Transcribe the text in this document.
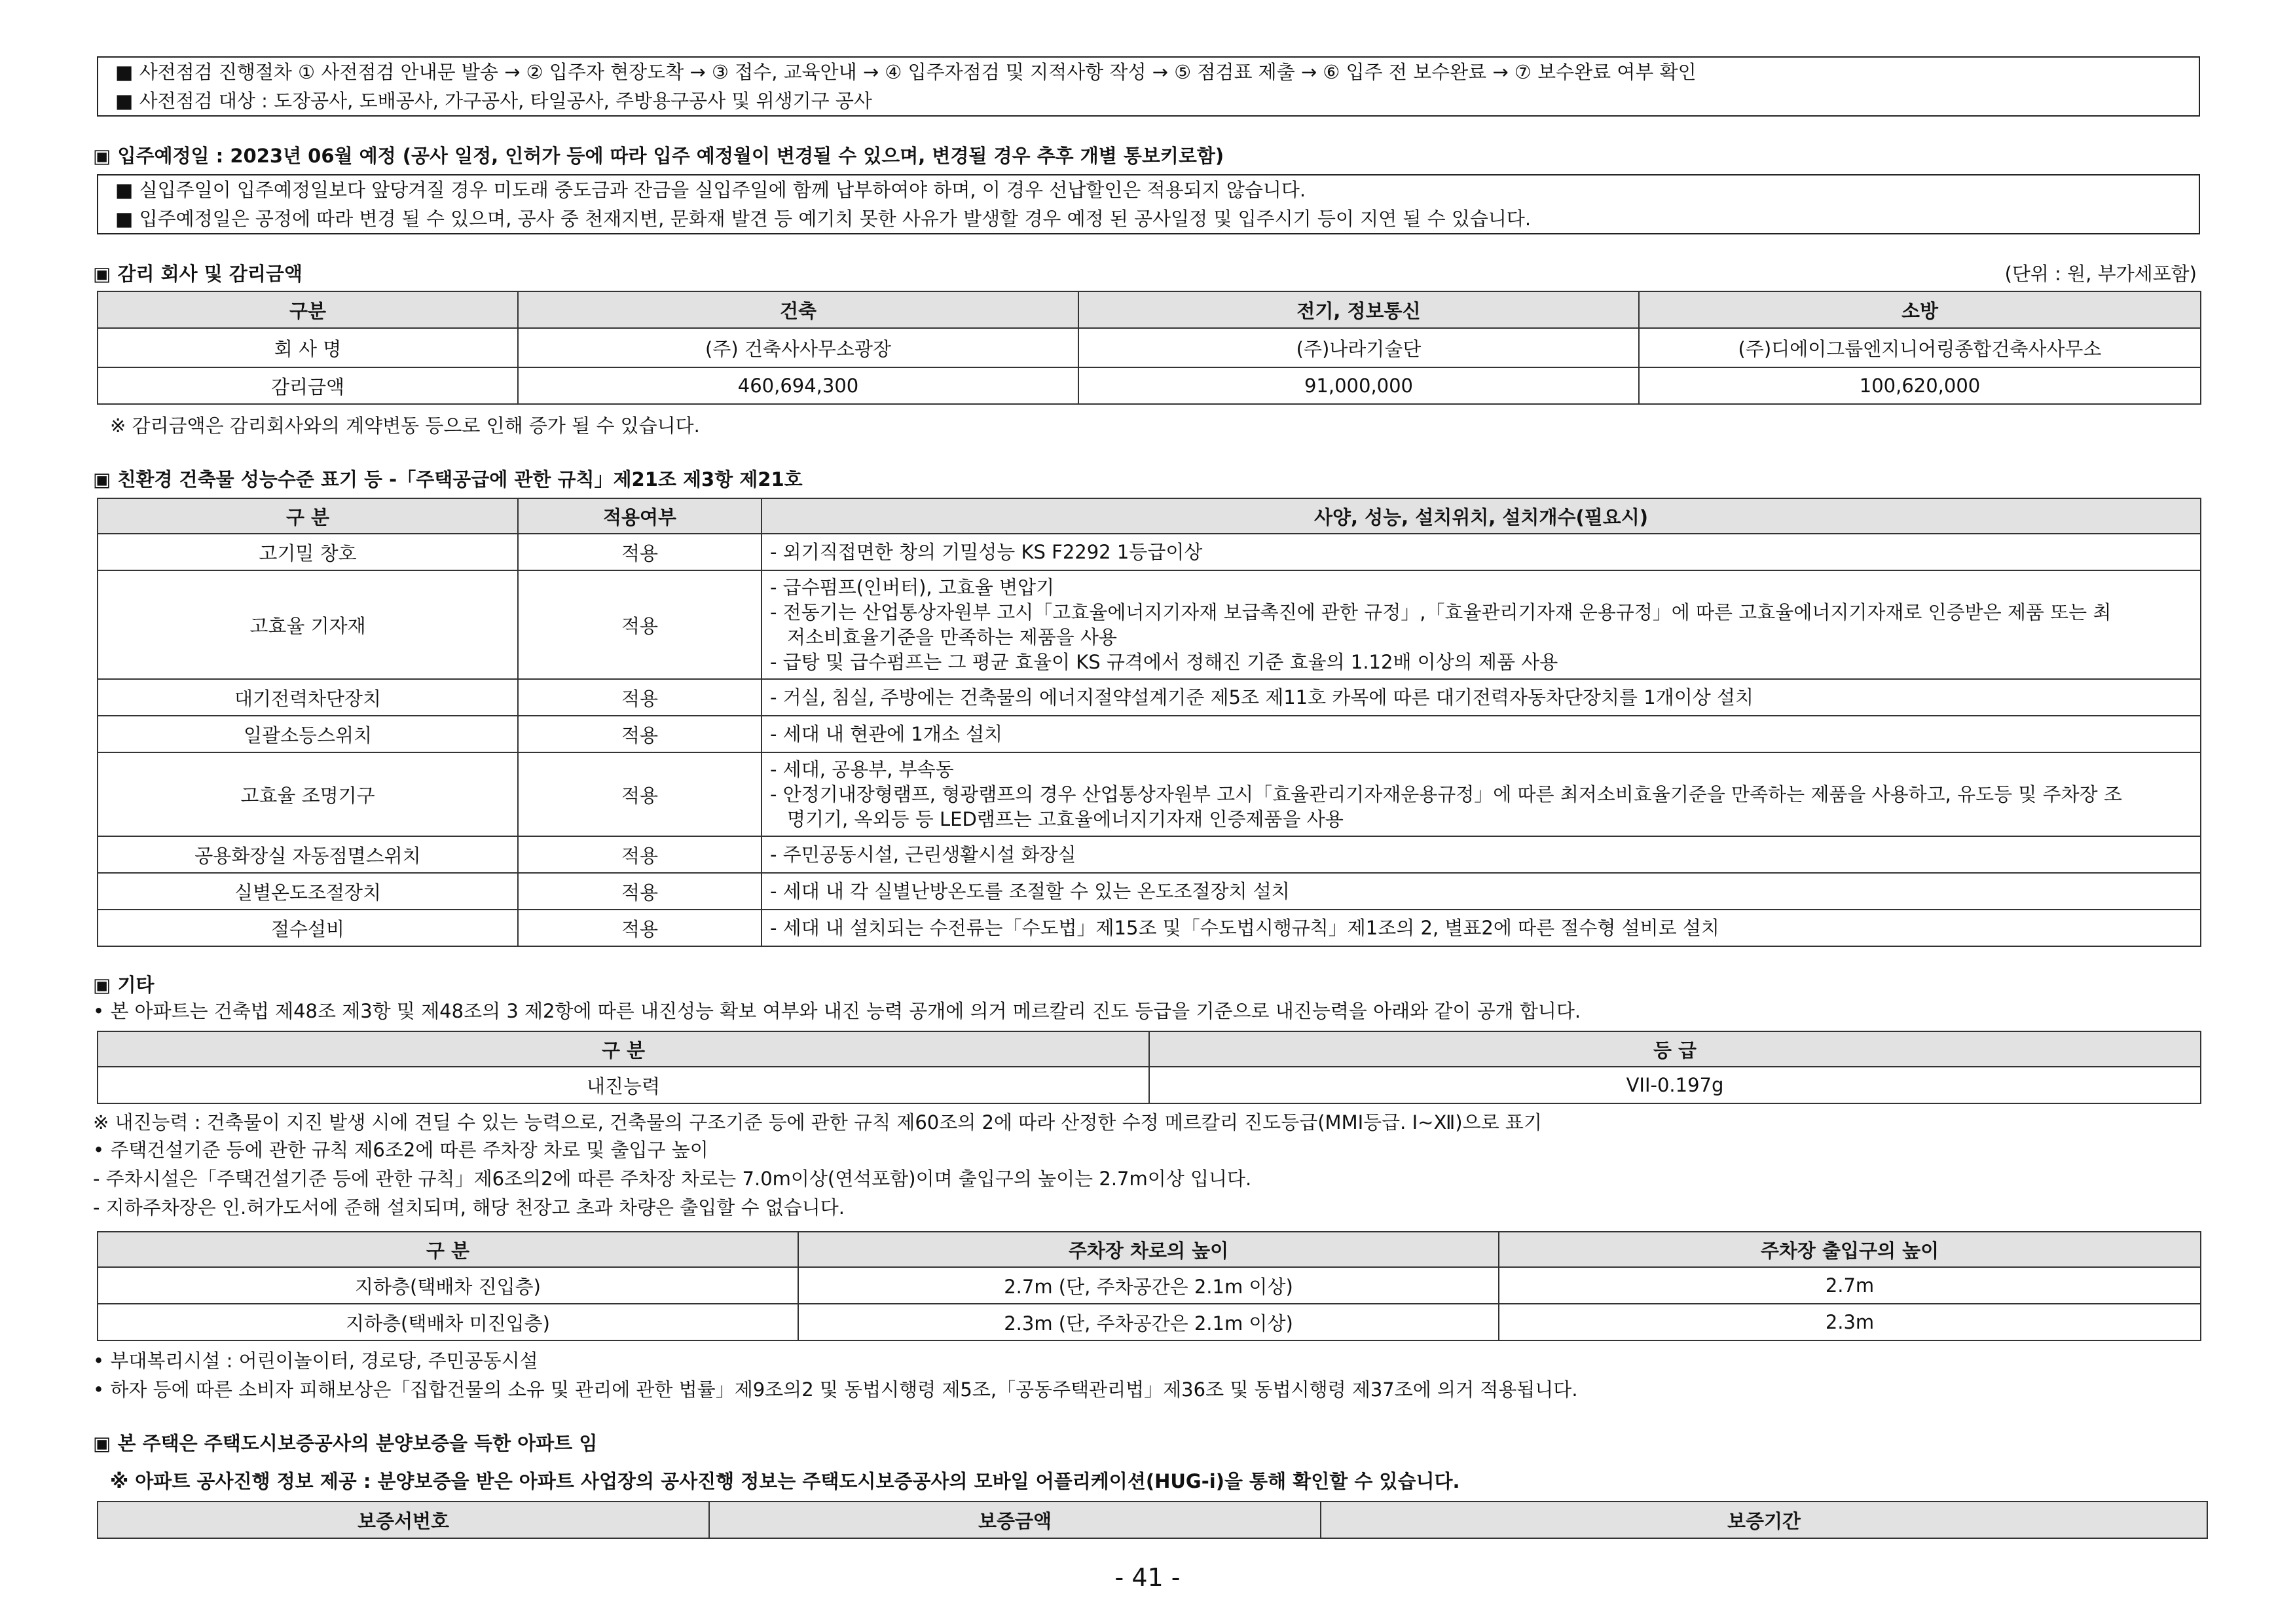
■ 사전점검 진행절차 ① 사전점검 안내문 발송 → ② 입주자 현장도착 → ③ 접수, 교육안내 → ④ 입주자점검 및 지적사항 작성 → ⑤ 점검표 제출 → ⑥ 입주 전 보수완료 → ⑦ 보수완료 여부 확인
■ 사전점검 대상 : 도장공사, 도배공사, 가구공사, 타일공사, 주방용구공사 및 위생기구 공사
▣ 입주예정일 : 2023년 06월 예정 (공사 일정, 인허가 등에 따라 입주 예정월이 변경될 수 있으며, 변경될 경우 추후 개별 통보키로함)
■ 실입주일이 입주예정일보다 앞당겨질 경우 미도래 중도금과 잔금을 실입주일에 함께 납부하여야 하며, 이 경우 선납할인은 적용되지 않습니다.
■ 입주예정일은 공정에 따라 변경 될 수 있으며, 공사 중 천재지변, 문화재 발견 등 예기치 못한 사유가 발생할 경우 예정 된 공사일정 및 입주시기 등이 지연 될 수 있습니다.
▣ 감리 회사 및 감리금액	(단위 : 원, 부가세포함)
구분	건축	전기, 정보통신	소방
회 사 명	(주) 건축사사무소광장	(주)나라기술단	(주)디에이그룹엔지니어링종합건축사사무소
감리금액	460,694,300	91,000,000	100,620,000
※ 감리금액은 감리회사와의 계약변동 등으로 인해 증가 될 수 있습니다.
▣ 친환경 건축물 성능수준 표기 등 -「주택공급에 관한 규칙」제21조 제3항 제21호
구 분	적용여부	사양, 성능, 설치위치, 설치개수(필요시)
고기밀 창호	적용	- 외기직접면한 창의 기밀성능 KS F2292 1등급이상

고효율 기자재	적용	- 급수펌프(인버터), 고효율 변압기
- 전동기는 산업통상자원부 고시「고효율에너지기자재 보급촉진에 관한 규정」,「효율관리기자재 운용규정」에 따른 고효율에너지기자재로 인증받은 제품 또는 최
저소비효율기준을 만족하는 제품을 사용
- 급탕 및 급수펌프는 그 평균 효율이 KS 규격에서 정해진 기준 효율의 1.12배 이상의 제품 사용

대기전력차단장치	적용	- 거실, 침실, 주방에는 건축물의 에너지절약설계기준 제5조 제11호 카목에 따른 대기전력자동차단장치를 1개이상 설치

일괄소등스위치	적용	- 세대 내 현관에 1개소 설치

고효율 조명기구	적용	- 세대, 공용부, 부속동
- 안정기내장형램프, 형광램프의 경우 산업통상자원부 고시「효율관리기자재운용규정」에 따른 최저소비효율기준을 만족하는 제품을 사용하고, 유도등 및 주차장 조
명기기, 옥외등 등 LED램프는 고효율에너지기자재 인증제품을 사용

공용화장실 자동점멸스위치	적용	- 주민공동시설, 근린생활시설 화장실

실별온도조절장치	적용	- 세대 내 각 실별난방온도를 조절할 수 있는 온도조절장치 설치

절수설비	적용	- 세대 내 설치되는 수전류는「수도법」제15조 및「수도법시행규칙」제1조의 2, 별표2에 따른 절수형 설비로 설치
▣ 기타
• 본 아파트는 건축법 제48조 제3항 및 제48조의 3 제2항에 따른 내진성능 확보 여부와 내진 능력 공개에 의거 메르칼리 진도 등급을 기준으로 내진능력을 아래와 같이 공개 합니다.
구 분	등 급
내진능력	VII-0.197g
※ 내진능력 : 건축물이 지진 발생 시에 견딜 수 있는 능력으로, 건축물의 구조기준 등에 관한 규칙 제60조의 2에 따라 산정한 수정 메르칼리 진도등급(MMI등급. Ⅰ~Ⅻ)으로 표기
• 주택건설기준 등에 관한 규칙 제6조2에 따른 주차장 차로 및 출입구 높이
- 주차시설은「주택건설기준 등에 관한 규칙」제6조의2에 따른 주차장 차로는 7.0m이상(연석포함)이며 출입구의 높이는 2.7m이상 입니다.
- 지하주차장은 인.허가도서에 준해 설치되며, 해당 천장고 초과 차량은 출입할 수 없습니다.
구 분	주차장 차로의 높이	주차장 출입구의 높이
지하층(택배차 진입층)	2.7m (단, 주차공간은 2.1m 이상)	2.7m
지하층(택배차 미진입층)	2.3m (단, 주차공간은 2.1m 이상)	2.3m
• 부대복리시설 : 어린이놀이터, 경로당, 주민공동시설
• 하자 등에 따른 소비자 피해보상은「집합건물의 소유 및 관리에 관한 법률」제9조의2 및 동법시행령 제5조,「공동주택관리법」제36조 및 동법시행령 제37조에 의거 적용됩니다.
▣ 본 주택은 주택도시보증공사의 분양보증을 득한 아파트 임
※ 아파트 공사진행 정보 제공 : 분양보증을 받은 아파트 사업장의 공사진행 정보는 주택도시보증공사의 모바일 어플리케이션(HUG-i)을 통해 확인할 수 있습니다.
보증서번호	보증금액	보증기간
- 41 -
